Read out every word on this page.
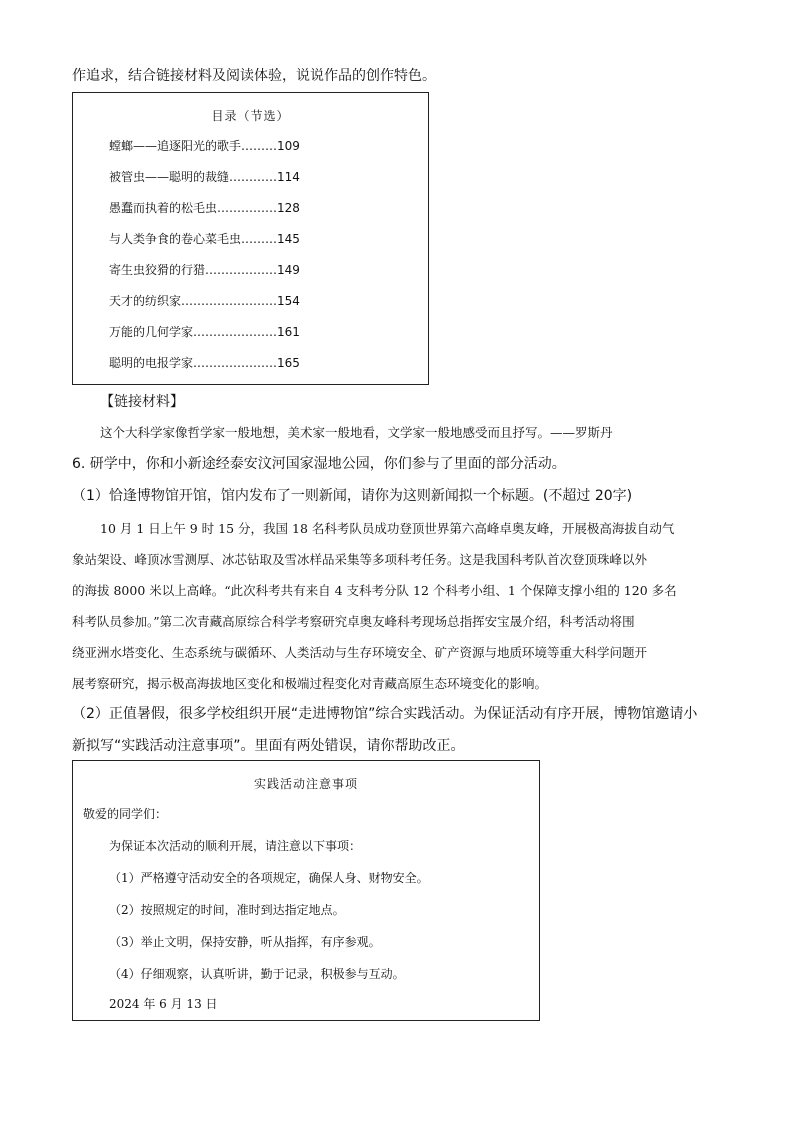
作追求，结合链接材料及阅读体验，说说作品的创作特色。
目录（节选）
螳螂——追逐阳光的歌手………109
被管虫——聪明的裁缝…………114
愚蠢而执着的松毛虫……………128
与人类争食的卷心菜毛虫………145
寄生虫狡猾的行猎………………149
天才的纺织家……………………154
万能的几何学家…………………161
聪明的电报学家…………………165
【链接材料】
这个大科学家像哲学家一般地想，美术家一般地看，文学家一般地感受而且抒写。——罗斯丹
6. 研学中，你和小新途经泰安汶河国家湿地公园，你们参与了里面的部分活动。
（1）恰逢博物馆开馆，馆内发布了一则新闻，请你为这则新闻拟一个标题。(不超过 20字)
10 月 1 日上午 9 时 15 分，我国 18 名科考队员成功登顶世界第六高峰卓奥友峰，开展极高海拔自动气
象站架设、峰顶冰雪测厚、冰芯钻取及雪冰样品采集等多项科考任务。这是我国科考队首次登顶珠峰以外
的海拔 8000 米以上高峰。“此次科考共有来自 4 支科考分队 12 个科考小组、1 个保障支撑小组的 120 多名
科考队员参加。”第二次青藏高原综合科学考察研究卓奥友峰科考现场总指挥安宝晟介绍，科考活动将围
绕亚洲水塔变化、生态系统与碳循环、人类活动与生存环境安全、矿产资源与地质环境等重大科学问题开
展考察研究，揭示极高海拔地区变化和极端过程变化对青藏高原生态环境变化的影响。
（2）正值暑假，很多学校组织开展“走进博物馆”综合实践活动。为保证活动有序开展，博物馆邀请小
新拟写“实践活动注意事项”。里面有两处错误，请你帮助改正。
实践活动注意事项
敬爱的同学们：
为保证本次活动的顺利开展，请注意以下事项：
（1）严格遵守活动安全的各项规定，确保人身、财物安全。
（2）按照规定的时间，准时到达指定地点。
（3）举止文明，保持安静，听从指挥，有序参观。
（4）仔细观察，认真听讲，勤于记录，积极参与互动。
2024 年 6 月 13 日
